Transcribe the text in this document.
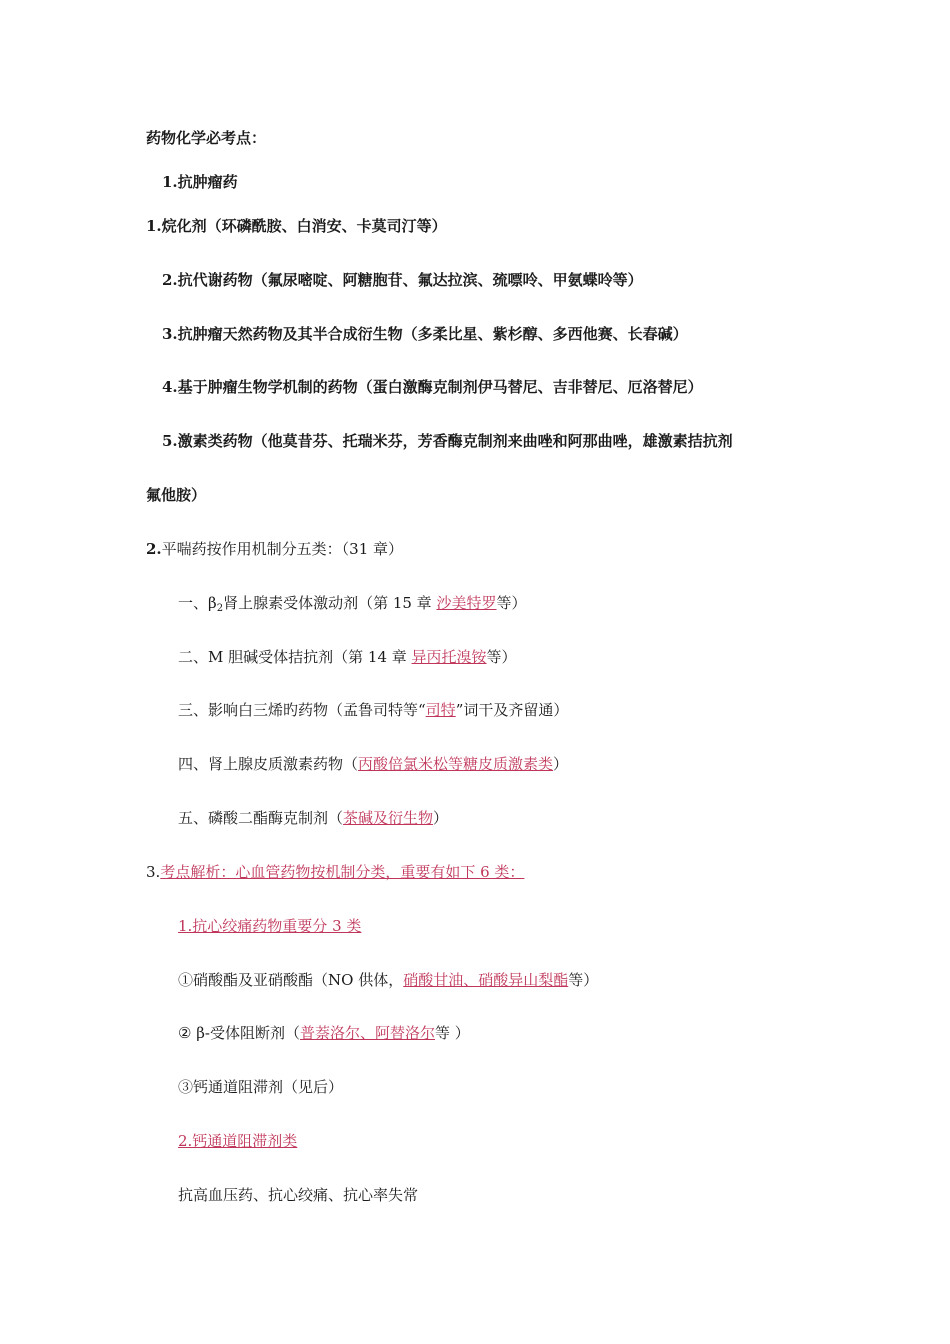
药物化学必考点：
1.抗肿瘤药
1.烷化剂（环磷酰胺、白消安、卡莫司汀等）
2.抗代谢药物（氟尿嘧啶、阿糖胞苷、氟达拉滨、巯嘌呤、甲氨蝶呤等）
3.抗肿瘤天然药物及其半合成衍生物（多柔比星、紫杉醇、多西他赛、长春碱）
4.基于肿瘤生物学机制的药物（蛋白激酶克制剂伊马替尼、吉非替尼、厄洛替尼）
5.激素类药物（他莫昔芬、托瑞米芬，芳香酶克制剂来曲唑和阿那曲唑，雄激素拮抗剂
氟他胺）
2.平喘药按作用机制分五类：（31 章）
一、$\beta_2$肾上腺素受体激动剂（第 15 章 沙美特罗等）
二、M 胆碱受体拮抗剂（第 14 章 异丙托溴铵等）
三、影响白三烯旳药物（孟鲁司特等“司特”词干及齐留通）
四、肾上腺皮质激素药物（丙酸倍氯米松等糖皮质激素类）
五、磷酸二酯酶克制剂（茶碱及衍生物）
3.考点解析：心血管药物按机制分类，重要有如下 6 类：
1.抗心绞痛药物重要分 3 类
①硝酸酯及亚硝酸酯（NO 供体，硝酸甘油、硝酸异山梨酯等）
② β-受体阻断剂（普萘洛尔、阿替洛尔等 ）
③钙通道阻滞剂（见后）
2.钙通道阻滞剂类
抗高血压药、抗心绞痛、抗心率失常
